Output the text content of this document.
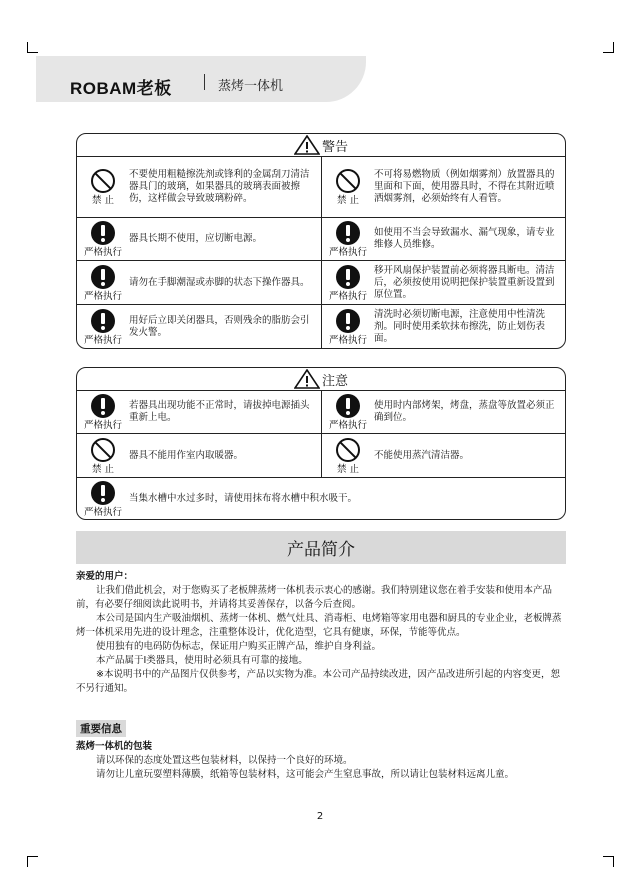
ROBAM老板	蒸烤一体机
警告
禁 止
不要使用粗糙擦洗剂或锋利的金属刮刀清洁器具门的玻璃，如果器具的玻璃表面被擦伤，这样做会导致玻璃粉碎。	禁 止
不可将易燃物质（例如烟雾剂）放置器具的里面和下面，使用器具时，不得在其附近喷洒烟雾剂，必须始终有人看管。
严格执行
器具长期不使用，应切断电源。
严格执行
如使用不当会导致漏水、漏气现象，请专业维修人员维修。
严格执行
请勿在手脚潮湿或赤脚的状态下操作器具。
严格执行
移开风扇保护装置前必须将器具断电。清洁后，必须按使用说明把保护装置重新设置到原位置。
严格执行
用好后立即关闭器具，否则残余的脂肪会引发火警。
严格执行
清洗时必须切断电源，注意使用中性清洗剂。同时使用柔软抹布擦洗，防止划伤表面。
注意
严格执行
若器具出现功能不正常时，请拔掉电源插头重新上电。
严格执行
使用时内部烤架，烤盘，蒸盘等放置必须正确到位。
禁 止
器具不能用作室内取暖器。
禁 止
不能使用蒸汽清洁器。
严格执行
当集水槽中水过多时，请使用抹布将水槽中积水吸干。
产品简介

亲爱的用户：

让我们借此机会，对于您购买了老板牌蒸烤一体机表示衷心的感谢。我们特别建议您在着手安装和使用本产品前，有必要仔细阅读此说明书，并请将其妥善保存，以备今后查阅。

本公司是国内生产吸油烟机、蒸烤一体机、燃气灶具、消毒柜、电烤箱等家用电器和厨具的专业企业，老板牌蒸烤一体机采用先进的设计理念，注重整体设计，优化造型，它具有健康，环保，节能等优点。

使用独有的电码防伪标志，保证用户购买正牌产品，维护自身利益。

本产品属于I类器具，使用时必须具有可靠的接地。

※本说明书中的产品图片仅供参考，产品以实物为准。本公司产品持续改进，因产品改进所引起的内容变更，恕不另行通知。

重要信息

蒸烤一体机的包装

请以环保的态度处置这些包装材料，以保持一个良好的环境。

请勿让儿童玩耍塑料薄膜，纸箱等包装材料，这可能会产生窒息事故，所以请让包装材料远离儿童。

2
